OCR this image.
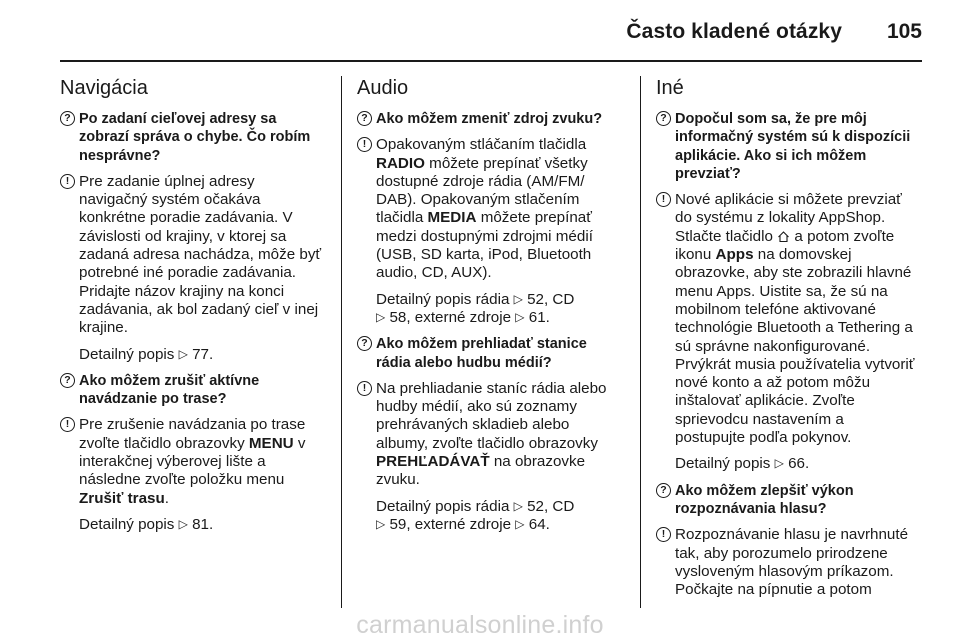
Často kladené otázky 105
Navigácia
? Po zadaní cieľovej adresy sa zobrazí správa o chybe. Čo robím nesprávne?
! Pre zadanie úplnej adresy navigačný systém očakáva konkrétne poradie zadávania. V závislosti od krajiny, v ktorej sa zadaná adresa nachádza, môže byť potrebné iné poradie zadávania. Pridajte názov krajiny na konci zadávania, ak bol zadaný cieľ v inej krajine.
Detailný popis ▷ 77.
? Ako môžem zrušiť aktívne navádzanie po trase?
! Pre zrušenie navádzania po trase zvoľte tlačidlo obrazovky MENU v interakčnej výberovej lište a následne zvoľte položku menu Zrušiť trasu.
Detailný popis ▷ 81.
Audio
? Ako môžem zmeniť zdroj zvuku?
! Opakovaným stláčaním tlačidla RADIO môžete prepínať všetky dostupné zdroje rádia (AM/FM/ DAB). Opakovaným stlačením tlačidla MEDIA môžete prepínať medzi dostupnými zdrojmi médií (USB, SD karta, iPod, Bluetooth audio, CD, AUX).
Detailný popis rádia ▷ 52, CD
▷ 58, externé zdroje ▷ 61.
? Ako môžem prehliadať stanice rádia alebo hudbu médií?
! Na prehliadanie staníc rádia alebo hudby médií, ako sú zoznamy prehrávaných skladieb alebo albumy, zvoľte tlačidlo obrazovky PREHĽADÁVAŤ na obrazovke zvuku.
Detailný popis rádia ▷ 52, CD
▷ 59, externé zdroje ▷ 64.
Iné
? Dopočul som sa, že pre môj informačný systém sú k dispozícii aplikácie. Ako si ich môžem prevziať?
! Nové aplikácie si môžete prevziať do systému z lokality AppShop. Stlačte tlačidlo a potom zvoľte ikonu Apps na domovskej obrazovke, aby ste zobrazili hlavné menu Apps. Uistite sa, že sú na mobilnom telefóne aktivované technológie Bluetooth a Tethering a sú správne nakonfigurované. Prvýkrát musia používatelia vytvoriť nové konto a až potom môžu inštalovať aplikácie. Zvoľte sprievodcu nastavením a postupujte podľa pokynov.
Detailný popis ▷ 66.
? Ako môžem zlepšiť výkon rozpoznávania hlasu?
! Rozpoznávanie hlasu je navrhnuté tak, aby porozumelo prirodzene vysloveným hlasovým príkazom. Počkajte na pípnutie a potom
carmanualsonline.info
